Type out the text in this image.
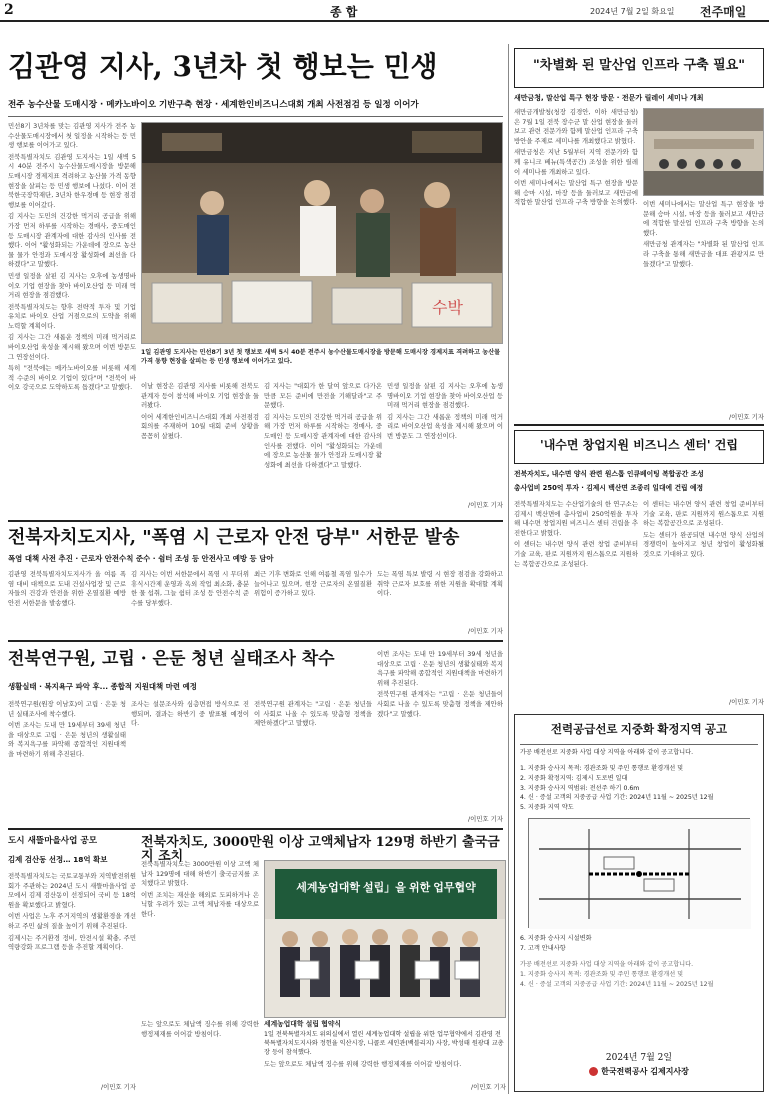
2	종 합	2024년 7월 2일 화요일 전주매일
김관영 지사, 3년차 첫 행보는 민생
전주 농수산물 도매시장 · 메카노바이오 기반구축 현장 · 세계한인비즈니스대회 개최 사전점검 등 일정 이어가

민선8기 3년차를 맞는 김관영 지사가 전주 농수산물도매시장에서 첫 일정을 시작하는 등 민생 행보를 이어가고 있다.

전북특별자치도 김관영 도지사는 1일 새벽 5시 40분 전주시 농수산물도매시장을 방문해 도매시장 경제지표 격려하고 농산물 가격 동향 현장을 살피는 등 민생 행보에 나섰다. 이어 전북한국장학재단, 3년차 한우경매 등 현장 점검 행보를 이어갔다.

김 지사는 도민의 건강한 먹거리 공급을 위해 가장 먼저 하루를 시작하는 경매사, 중도매인 등 도매시장 관계자에 대한 감사의 인사를 전했다. 이어 "활성화되는 가운데에 장으로 농산물 물가 안정과 도매시장 활성화에 최선을 다하겠다"고 말했다.

민생 일정을 살핀 김 지사는 오후에 농생명바이오 기업 현장을 찾아 바이오산업 등 미래 먹거리 현장을 점검했다.

전북특별자치도는 향후 전략적 투자 및 기업 유치로 바이오 산업 거점으로의 도약을 위해 노력할 계획이다.

김 지사는 그간 새롭운 정책의 미래 먹거리로 바이오산업 육성을 제시해 왔으며 이번 방문도 그 연장선이다.

특히 "전북에는 메카노바이오를 비롯해 세계적 수준의 바이오 기업이 있다"며 "전북이 바이오 강국으로 도약하도록 돕겠다"고 말했다.

수박
1일 김관영 도지사는 민선8기 3년 첫 행보로 새벽 5시 40분 전주시 농수산물도매시장을 방문해 도매시장 경제지표 격려하고 농산물 가격 동향 현장을 살피는 등 민생 행보에 이어가고 있다.

이날 현장은 김관영 지사를 비롯해 전북도 관계자 등이 참석해 바이오 기업 현장을 둘러봤다.

이어 세계한인비즈니스대회 개최 사전점검 회의를 주재하며 10월 대회 준비 상황을 꼼꼼히 살폈다.

김 지사는 "대회가 한 달여 앞으로 다가온 만큼 모든 준비에 만전을 기해달라"고 주문했다.

김 지사는 도민의 건강한 먹거리 공급을 위해 가장 먼저 하루를 시작하는 경매사, 중도매인 등 도매시장 관계자에 대한 감사의 인사를 전했다. 이어 "활성화되는 가운데에 장으로 농산물 물가 안정과 도매시장 활성화에 최선을 다하겠다"고 말했다.

민생 일정을 살핀 김 지사는 오후에 농생명바이오 기업 현장을 찾아 바이오산업 등 미래 먹거리 현장을 점검했다.

김 지사는 그간 새롭운 정책의 미래 먹거리로 바이오산업 육성을 제시해 왔으며 이번 방문도 그 연장선이다.

/이민호 기자
전북자치도지사, "폭염 시 근로자 안전 당부" 서한문 발송
폭염 대책 사전 추진 · 근로자 안전수칙 준수 · 쉼터 조성 등 안전사고 예방 등 담아

김관영 전북특별자치도지사가 올 여름 폭염 대비 대책으로 도내 건설사업장 및 근로자들의 건강과 안전을 위한 온열질환 예방 안전 서한문을 발송했다.

김 지사는 이번 서한문에서 폭염 시 무더위 휴식시간제 운영과 옥외 작업 최소화, 충분한 물 섭취, 그늘 쉼터 조성 등 안전수칙 준수를 당부했다.

최근 기후 변화로 인해 여름철 폭염 일수가 늘어나고 있으며, 현장 근로자의 온열질환 위험이 증가하고 있다.

도는 폭염 특보 발령 시 현장 점검을 강화하고 취약 근로자 보호를 위한 지원을 확대할 계획이다.

/이민호 기자
전북연구원, 고립 · 은둔 청년 실태조사 착수
생활실태 · 복지욕구 파악 후... 종합적 지원대책 마련 예정

전북연구원(원장 이남호)이 고립 · 은둔 청년 실태조사에 착수했다.

이번 조사는 도내 만 19세부터 39세 청년을 대상으로 고립 · 은둔 청년의 생활실태와 복지욕구를 파악해 종합적인 지원대책을 마련하기 위해 추진된다.

조사는 설문조사와 심층면접 방식으로 진행되며, 결과는 하반기 중 발표될 예정이다.

전북연구원 관계자는 "고립 · 은둔 청년들이 사회로 나올 수 있도록 맞춤형 정책을 제안하겠다"고 말했다.

이번 조사는 도내 만 19세부터 39세 청년을 대상으로 고립 · 은둔 청년의 생활실태와 복지욕구를 파악해 종합적인 지원대책을 마련하기 위해 추진된다.

전북연구원 관계자는 "고립 · 은둔 청년들이 사회로 나올 수 있도록 맞춤형 정책을 제안하겠다"고 말했다.

/이민호 기자
도시 새뜰마을사업 공모
김제 검산동 선정… 18억 확보

전북특별자치도는 국토교통부와 지역발전위원회가 주관하는 2024년 도시 새뜰마을사업 공모에서 김제 검산동이 선정되어 국비 등 18억원을 확보했다고 밝혔다.

이번 사업은 노후 주거지역의 생활환경을 개선하고 주민 삶의 질을 높이기 위해 추진된다.

김제시는 주거환경 정비, 안전시설 확충, 주민 역량강화 프로그램 등을 추진할 계획이다.

/이민호 기자
전북자치도, 3000만원 이상 고액체납자 129명 하반기 출국금지 조치

전북특별자치도는 3000만원 이상 고액 체납자 129명에 대해 하반기 출국금지를 조치했다고 밝혔다.

이번 조치는 재산을 해외로 도피하거나 은닉할 우려가 있는 고액 체납자를 대상으로 한다.

세계농업대학 설립」을 위한 업무협약
세계농업대학 설립 협약식
1일 전북특별자치도 위의실에서 열린 세계농업대학 설립을 위한 업무협약에서 김관영 전북특별자치도지사와 정헌율 익산시장, 니콜로 세인관(백블리지) 사장, 박성태 원광대 교총장 등이 참석했다.

도는 앞으로도 체납액 징수를 위해 강력한 행정제재를 이어갈 방침이다.

도는 앞으로도 체납액 징수를 위해 강력한 행정제재를 이어갈 방침이다.

/이민호 기자
"차별화 된 말산업 인프라 구축 필요"
새만금청, 말산업 특구 현장 방문 · 전문가 릴레이 세미나 개최

새만금개발청(청장 김경안, 이하 새만금청)은 7월 1일 전북 장수군 말 산업 현장을 둘러보고 관련 전문가와 함께 말산업 인프라 구축 방안을 주제로 세미나를 개최했다고 밝혔다.

새만금청은 지난 5월부터 지역 전문가와 함께 유니크 베뉴(특색공간) 조성을 위한 릴레이 세미나를 개최하고 있다.

이번 세미나에서는 말산업 특구 현장을 방문해 승마 시설, 마장 등을 둘러보고 새만금에 적합한 말산업 인프라 구축 방향을 논의했다. 이번 세미나에서는 말산업 특구 현장을 방문해 승마 시설, 마장 등을 둘러보고 새만금에 적합한 말산업 인프라 구축 방향을 논의했다.

새만금청 관계자는 "차별화 된 말산업 인프라 구축을 통해 새만금을 대표 관광지로 만들겠다"고 말했다.

/이민호 기자
'내수면 창업지원 비즈니스 센터' 건립
전북자치도, 내수면 양식 관련 원스톱 인큐베이팅 복합공간 조성
총사업비 250억 투자 · 김제시 백산면 조종리 일대에 건립 예정

전북특별자치도는 수산업기술의 한 연구소는 김제시 백산면에 총사업비 250억원을 투자해 내수면 창업지원 비즈니스 센터 건립을 추진한다고 밝혔다.

이 센터는 내수면 양식 관련 창업 준비부터 기술 교육, 판로 지원까지 원스톱으로 지원하는 복합공간으로 조성된다.

이 센터는 내수면 양식 관련 창업 준비부터 기술 교육, 판로 지원까지 원스톱으로 지원하는 복합공간으로 조성된다.

도는 센터가 완공되면 내수면 양식 산업의 경쟁력이 높아지고 청년 창업이 활성화될 것으로 기대하고 있다.

/이민호 기자
전력공급선로 지중화 확정지역 공고
가공 배전선로 지중화 사업 대상 지역을 아래와 같이 공고합니다.
1. 지중화 승사지 목적: 경관조화 및 주민 통행로 환경개선 및
2. 지중화 확정지역: 김제시 도로변 일대
3. 지중화 승사지 역범위: 전선주 하기 0.6m
4. 신 · 증설 고객의 지중공급 사업 기간: 2024년 11월 ~ 2025년 12월
5. 지중화 지역 약도
6. 지중화 승사지 시설변화
7. 고객 안내사항
가공 배전선로 지중화 사업 대상 지역을 아래와 같이 공고합니다.
1. 지중화 승사지 목적: 경관조화 및 주민 통행로 환경개선 및
4. 신 · 증설 고객의 지중공급 사업 기간: 2024년 11월 ~ 2025년 12월
2024년 7월 2일
한국전력공사 김제지사장
